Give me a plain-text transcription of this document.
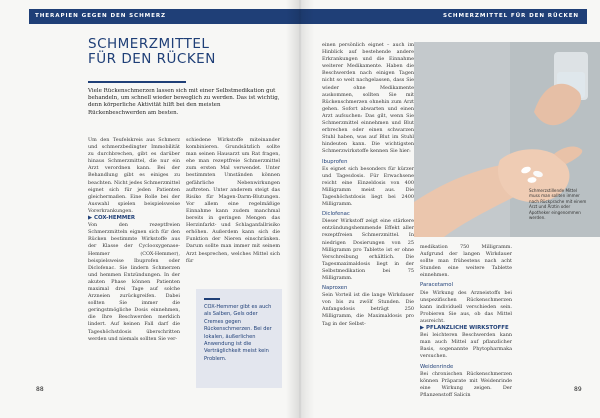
THERAPIEN GEGEN DEN SCHMERZ
SCHMERZMITTEL
FÜR DEN RÜCKEN
Viele Rückenschmerzen lassen sich mit einer Selbstmedikation gut behandeln, um schnell wieder beweglich zu werden. Das ist wichtig, denn körperliche Aktivität hilft bei den meisten Rückenbeschwerden am besten.

Um den Teufelskreis aus Schmerz und schmerzbedingter Immobilität zu durchbrechen, gibt es darüber hinaus Schmerzmittel, die nur ein Arzt verordnen kann. Bei der Behandlung gibt es einiges zu beachten. Nicht jedes Schmerzmittel eignet sich für jeden Patienten gleichermaßen. Eine Rolle bei der Auswahl spielen beispielsweise Vorerkrankungen.

▶ COX-HEMMER

Von den rezeptfreien Schmerzmitteln eignen sich für den Rücken bestimmte Wirkstoffe aus der Klasse der Cyclooxygenase-Hemmer (COX-Hemmer), beispielsweise Ibuprofen oder Diclofenac. Sie lindern Schmerzen und hemmen Entzündungen. In der akuten Phase können Patienten maximal drei Tage auf solche Arzneien zurückgreifen. Dabei sollten Sie immer die geringstmögliche Dosis einnehmen, die Ihre Beschwerden merklich lindert. Auf keinen Fall darf die Tageshöchstdosis überschritten werden und niemals sollten Sie ver-

schiedene Wirkstoffe miteinander kombinieren. Grundsätzlich sollte man seinen Hausarzt um Rat fragen, ehe man rezeptfreie Schmerzmittel zum ersten Mal verwendet. Unter bestimmten Umständen können gefährliche Nebenwirkungen auftreten. Unter anderem steigt das Risiko für Magen-Darm-Blutungen. Vor allem eine regelmäßige Einnahme kann zudem manchmal bereits in geringen Mengen das Herzinfarkt- und Schlaganfallrisiko erhöhen. Außerdem kann sich die Funktion der Nieren einschränken. Darum sollte man immer mit seinem Arzt besprechen, welches Mittel sich für

COX-Hemmer gibt es auch als Salben, Gels oder Cremes gegen Rückenschmerzen. Bei der lokalen, äußerlichen Anwendung ist die Verträglichkeit meist kein Problem.
88
SCHMERZMITTEL FÜR DEN RÜCKEN

einen persönlich eignet – auch im Hinblick auf bestehende andere Erkrankungen und die Einnahme weiterer Medikamente. Haben die Beschwerden nach einigen Tagen nicht so weit nachgelassen, dass Sie wieder ohne Medikamente auskommen, sollten Sie mit Rückenschmerzen ohnehin zum Arzt gehen. Sofort abwarten und einen Arzt aufsuchen: Das gilt, wenn Sie Schmerzmittel einnehmen und Blut erbrechen oder einen schwarzen Stuhl haben, was auf Blut im Stuhl hindeuten kann. Die wichtigsten Schmerzwirkstoffe kennen Sie hier:

Ibuprofen

Es eignet sich besonders für kürzer und Tagesdosis. Für Erwachsene reicht eine Einzeldosis von 400 Milligramm meist aus. Die Tageshöchstdosis liegt bei 2400 Milligramm.

Diclofenac

Dieser Wirkstoff zeigt eine stärkere entzündungshemmende Effekt aller rezeptfreien Schmerzmittel. In niedrigen Dosierungen von 25 Milligramm pro Tablette ist er ohne Verschreibung erhältlich. Die Tagesmaximaldosis liegt in der Selbstmedikation bei 75 Milligramm.

Naproxen

Sein Vorteil ist die lange Wirkdauer von bis zu zwölf Stunden. Die Anfangsdosis beträgt 250 Milligramm, die Maximaldosis pro Tag in der Selbst-

Schmerzstillende Mittel muss man sollten immer nach Rückprache mit einem Arzt und Ärztin oder Apotheker eingenommen werden.

medikation 750 Milligramm. Aufgrund der langen Wirkdauer sollte man frühestens nach acht Stunden eine weitere Tablette einnehmen.

Paracetamol

Die Wirkung des Arzneistoffs bei unspezifischen Rückenschmerzen kann individuell verschieden sein. Probieren Sie aus, ob das Mittel ausreicht.

▶ PFLANZLICHE WIRKSTOFFE

Bei leichteren Beschwerden kann man auch Mittel auf pflanzlicher Basis, sogenannte Phytopharmaka versuchen.

Weidenrinde

Bei chronischen Rückenschmerzen können Präparate mit Weidenrinde eine Wirkung zeigen. Der Pflanzenstoff Salicin

89
